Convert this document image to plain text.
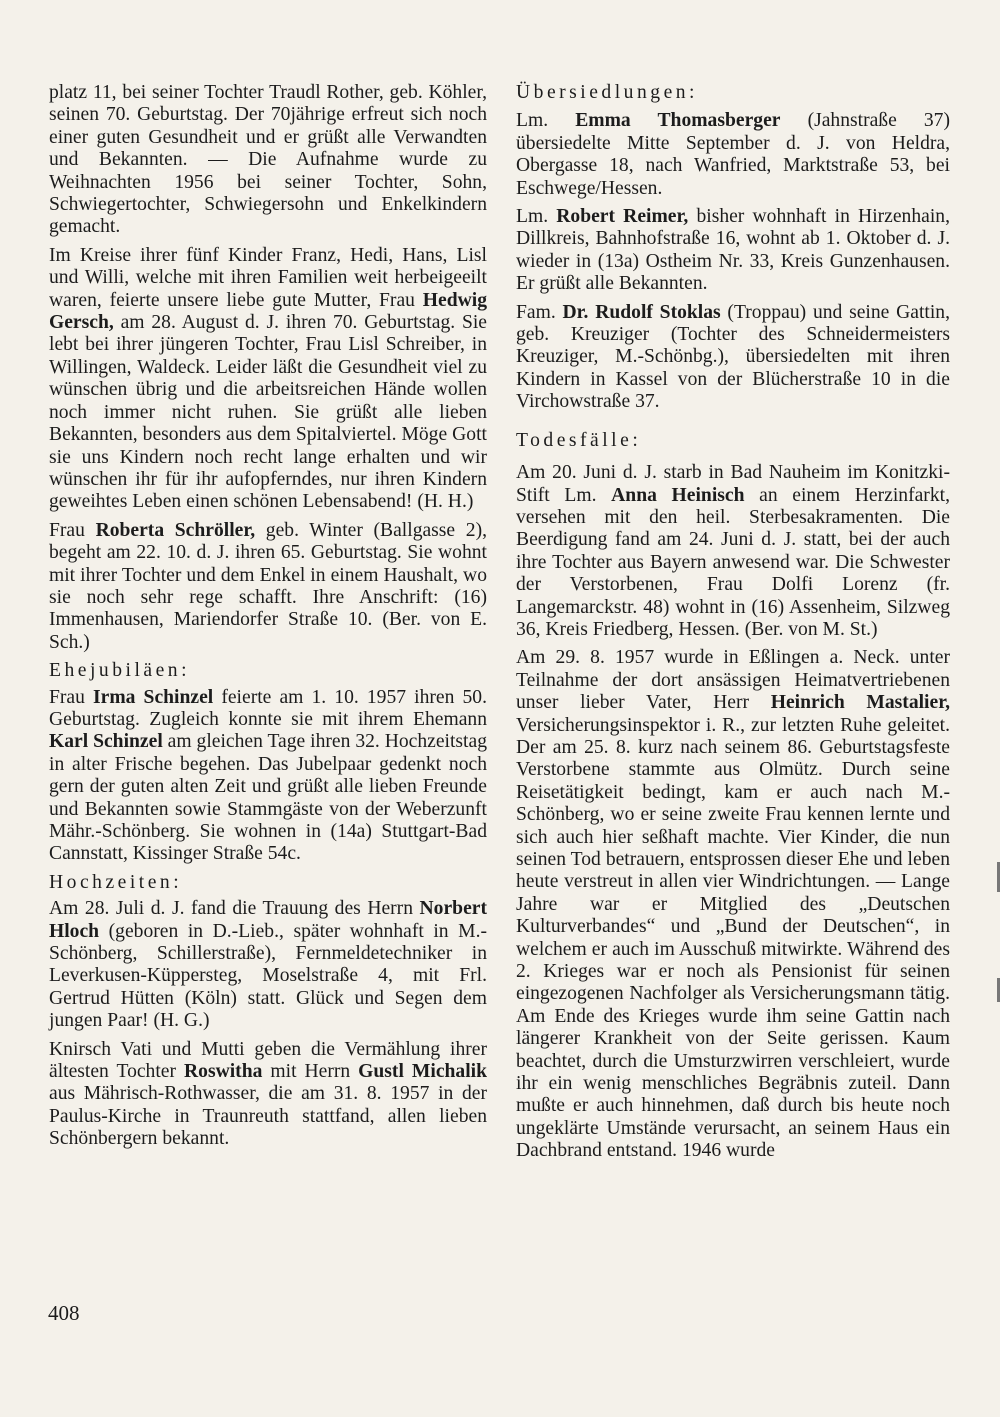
platz 11, bei seiner Tochter Traudl Rother, geb. Köhler, seinen 70. Geburtstag. Der 70jährige erfreut sich noch einer guten Gesundheit und er grüßt alle Verwandten und Bekannten. — Die Aufnahme wurde zu Weihnachten 1956 bei seiner Tochter, Sohn, Schwiegertochter, Schwiegersohn und Enkelkindern gemacht.

Im Kreise ihrer fünf Kinder Franz, Hedi, Hans, Lisl und Willi, welche mit ihren Familien weit herbeigeeilt waren, feierte unsere liebe gute Mutter, Frau Hedwig Gersch, am 28. August d. J. ihren 70. Geburtstag. Sie lebt bei ihrer jüngeren Tochter, Frau Lisl Schreiber, in Willingen, Waldeck. Leider läßt die Gesundheit viel zu wünschen übrig und die arbeitsreichen Hände wollen noch immer nicht ruhen. Sie grüßt alle lieben Bekannten, besonders aus dem Spitalviertel. Möge Gott sie uns Kindern noch recht lange erhalten und wir wünschen ihr für ihr aufopferndes, nur ihren Kindern geweihtes Leben einen schönen Lebensabend! (H. H.)

Frau Roberta Schröller, geb. Winter (Ballgasse 2), begeht am 22. 10. d. J. ihren 65. Geburtstag. Sie wohnt mit ihrer Tochter und dem Enkel in einem Haushalt, wo sie noch sehr rege schafft. Ihre Anschrift: (16) Immenhausen, Mariendorfer Straße 10. (Ber. von E. Sch.)

Ehejubiläen:

Frau Irma Schinzel feierte am 1. 10. 1957 ihren 50. Geburtstag. Zugleich konnte sie mit ihrem Ehemann Karl Schinzel am gleichen Tage ihren 32. Hochzeitstag in alter Frische begehen. Das Jubelpaar gedenkt noch gern der guten alten Zeit und grüßt alle lieben Freunde und Bekannten sowie Stammgäste von der Weberzunft Mähr.-Schönberg. Sie wohnen in (14a) Stuttgart-Bad Cannstatt, Kissinger Straße 54c.

Hochzeiten:

Am 28. Juli d. J. fand die Trauung des Herrn Norbert Hloch (geboren in D.-Lieb., später wohnhaft in M.-Schönberg, Schillerstraße), Fernmeldetechniker in Leverkusen-Küppersteg, Moselstraße 4, mit Frl. Gertrud Hütten (Köln) statt. Glück und Segen dem jungen Paar! (H. G.)

Knirsch Vati und Mutti geben die Vermählung ihrer ältesten Tochter Roswitha mit Herrn Gustl Michalik aus Mährisch-Rothwasser, die am 31. 8. 1957 in der Paulus-Kirche in Traunreuth stattfand, allen lieben Schönbergern bekannt.

Übersiedlungen:

Lm. Emma Thomasberger (Jahnstraße 37) übersiedelte Mitte September d. J. von Heldra, Obergasse 18, nach Wanfried, Marktstraße 53, bei Eschwege/Hessen.

Lm. Robert Reimer, bisher wohnhaft in Hirzenhain, Dillkreis, Bahnhofstraße 16, wohnt ab 1. Oktober d. J. wieder in (13a) Ostheim Nr. 33, Kreis Gunzenhausen. Er grüßt alle Bekannten.

Fam. Dr. Rudolf Stoklas (Troppau) und seine Gattin, geb. Kreuziger (Tochter des Schneidermeisters Kreuziger, M.-Schönbg.), übersiedelten mit ihren Kindern in Kassel von der Blücherstraße 10 in die Virchowstraße 37.

Todesfälle:

Am 20. Juni d. J. starb in Bad Nauheim im Konitzki-Stift Lm. Anna Heinisch an einem Herzinfarkt, versehen mit den heil. Sterbesakramenten. Die Beerdigung fand am 24. Juni d. J. statt, bei der auch ihre Tochter aus Bayern anwesend war. Die Schwester der Verstorbenen, Frau Dolfi Lorenz (fr. Langemarckstr. 48) wohnt in (16) Assenheim, Silzweg 36, Kreis Friedberg, Hessen. (Ber. von M. St.)

Am 29. 8. 1957 wurde in Eßlingen a. Neck. unter Teilnahme der dort ansässigen Heimatvertriebenen unser lieber Vater, Herr Heinrich Mastalier, Versicherungsinspektor i. R., zur letzten Ruhe geleitet. Der am 25. 8. kurz nach seinem 86. Geburtstagsfeste Verstorbene stammte aus Olmütz. Durch seine Reisetätigkeit bedingt, kam er auch nach M.-Schönberg, wo er seine zweite Frau kennen lernte und sich auch hier seßhaft machte. Vier Kinder, die nun seinen Tod betrauern, entsprossen dieser Ehe und leben heute verstreut in allen vier Windrichtungen. — Lange Jahre war er Mitglied des „Deutschen Kulturverbandes“ und „Bund der Deutschen“, in welchem er auch im Ausschuß mitwirkte. Während des 2. Krieges war er noch als Pensionist für seinen eingezogenen Nachfolger als Versicherungsmann tätig. Am Ende des Krieges wurde ihm seine Gattin nach längerer Krankheit von der Seite gerissen. Kaum beachtet, durch die Umsturzwirren verschleiert, wurde ihr ein wenig menschliches Begräbnis zuteil. Dann mußte er auch hinnehmen, daß durch bis heute noch ungeklärte Umstände verursacht, an seinem Haus ein Dachbrand entstand. 1946 wurde

408
